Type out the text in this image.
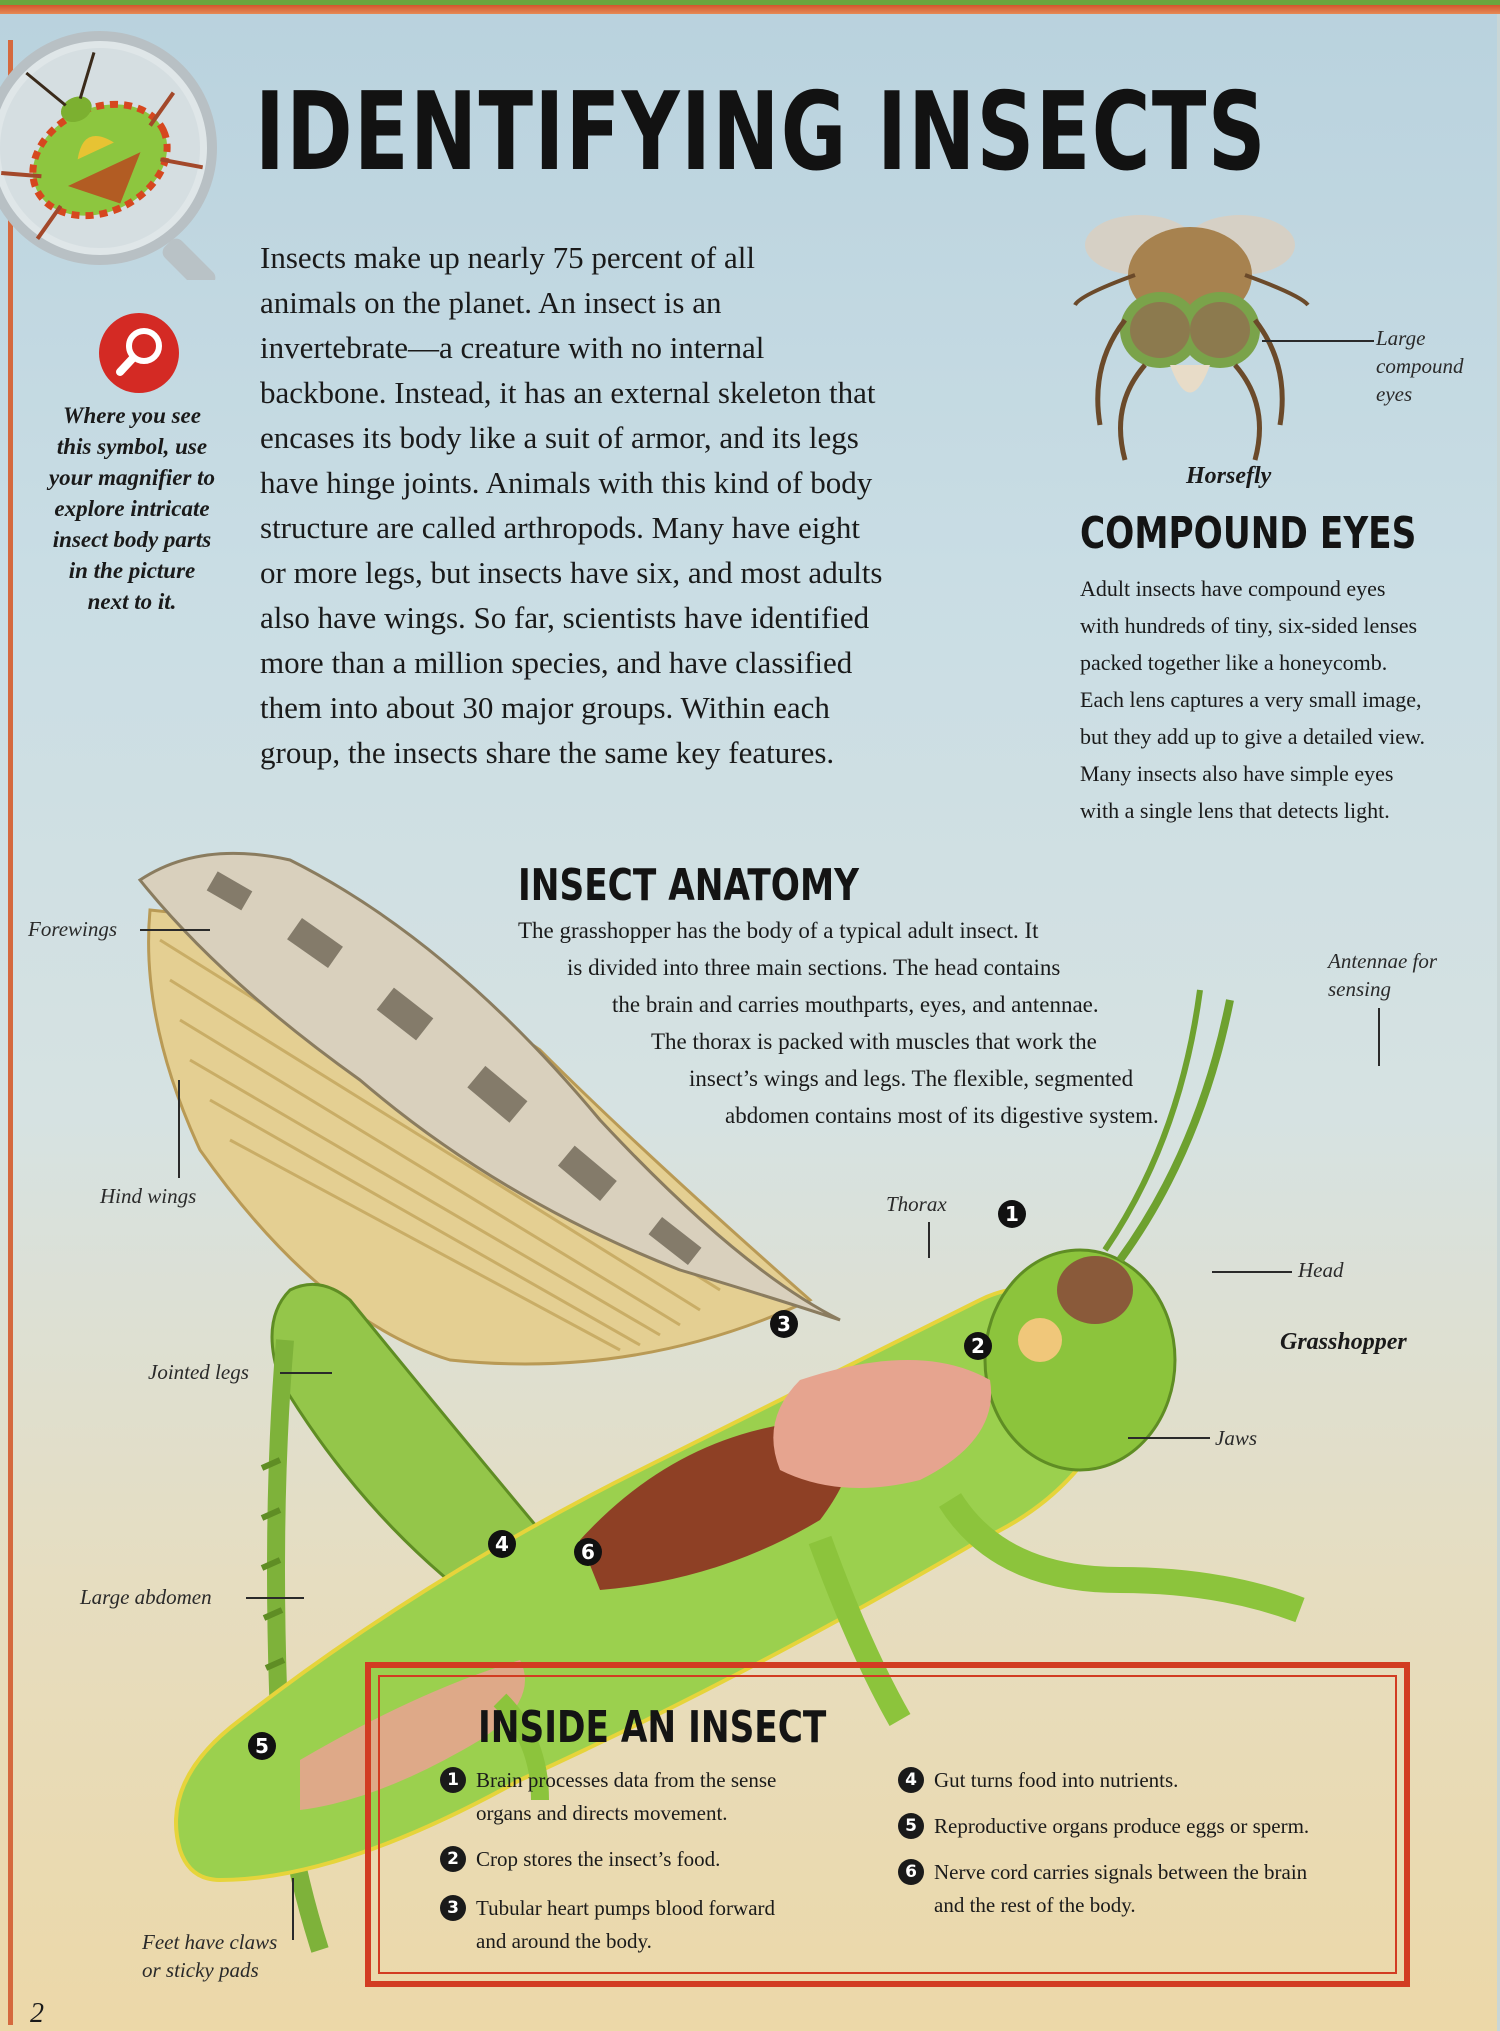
IDENTIFYING INSECTS
Where you see
this symbol, use
your magnifier to
explore intricate
insect body parts
in the picture
next to it.
Insects make up nearly 75 percent of all
animals on the planet. An insect is an
invertebrate—a creature with no internal
backbone. Instead, it has an external skeleton that
encases its body like a suit of armor, and its legs
have hinge joints. Animals with this kind of body
structure are called arthropods. Many have eight
or more legs, but insects have six, and most adults
also have wings. So far, scientists have identified
more than a million species, and have classified
them into about 30 major groups. Within each
group, the insects share the same key features.
Large
compound
eyes
Horsefly
COMPOUND EYES
Adult insects have compound eyes
with hundreds of tiny, six-sided lenses
packed together like a honeycomb.
Each lens captures a very small image,
but they add up to give a detailed view.
Many insects also have simple eyes
with a single lens that detects light.
1
2
3
4
5
6
INSECT ANATOMY
The grasshopper has the body of a typical adult insect. It
is divided into three main sections. The head contains
the brain and carries mouthparts, eyes, and antennae.
The thorax is packed with muscles that work the
insect’s wings and legs. The flexible, segmented
abdomen contains most of its digestive system.
Forewings
Hind wings
Jointed legs
Large abdomen
Feet have claws
or sticky pads
Thorax
Head
Grasshopper
Jaws
Antennae for
sensing
INSIDE AN INSECT
1 Brain processes data from the sense
organs and directs movement.
2 Crop stores the insect’s food.
3 Tubular heart pumps blood forward
and around the body.
4 Gut turns food into nutrients.
5 Reproductive organs produce eggs or sperm.
6 Nerve cord carries signals between the brain
and the rest of the body.
2
